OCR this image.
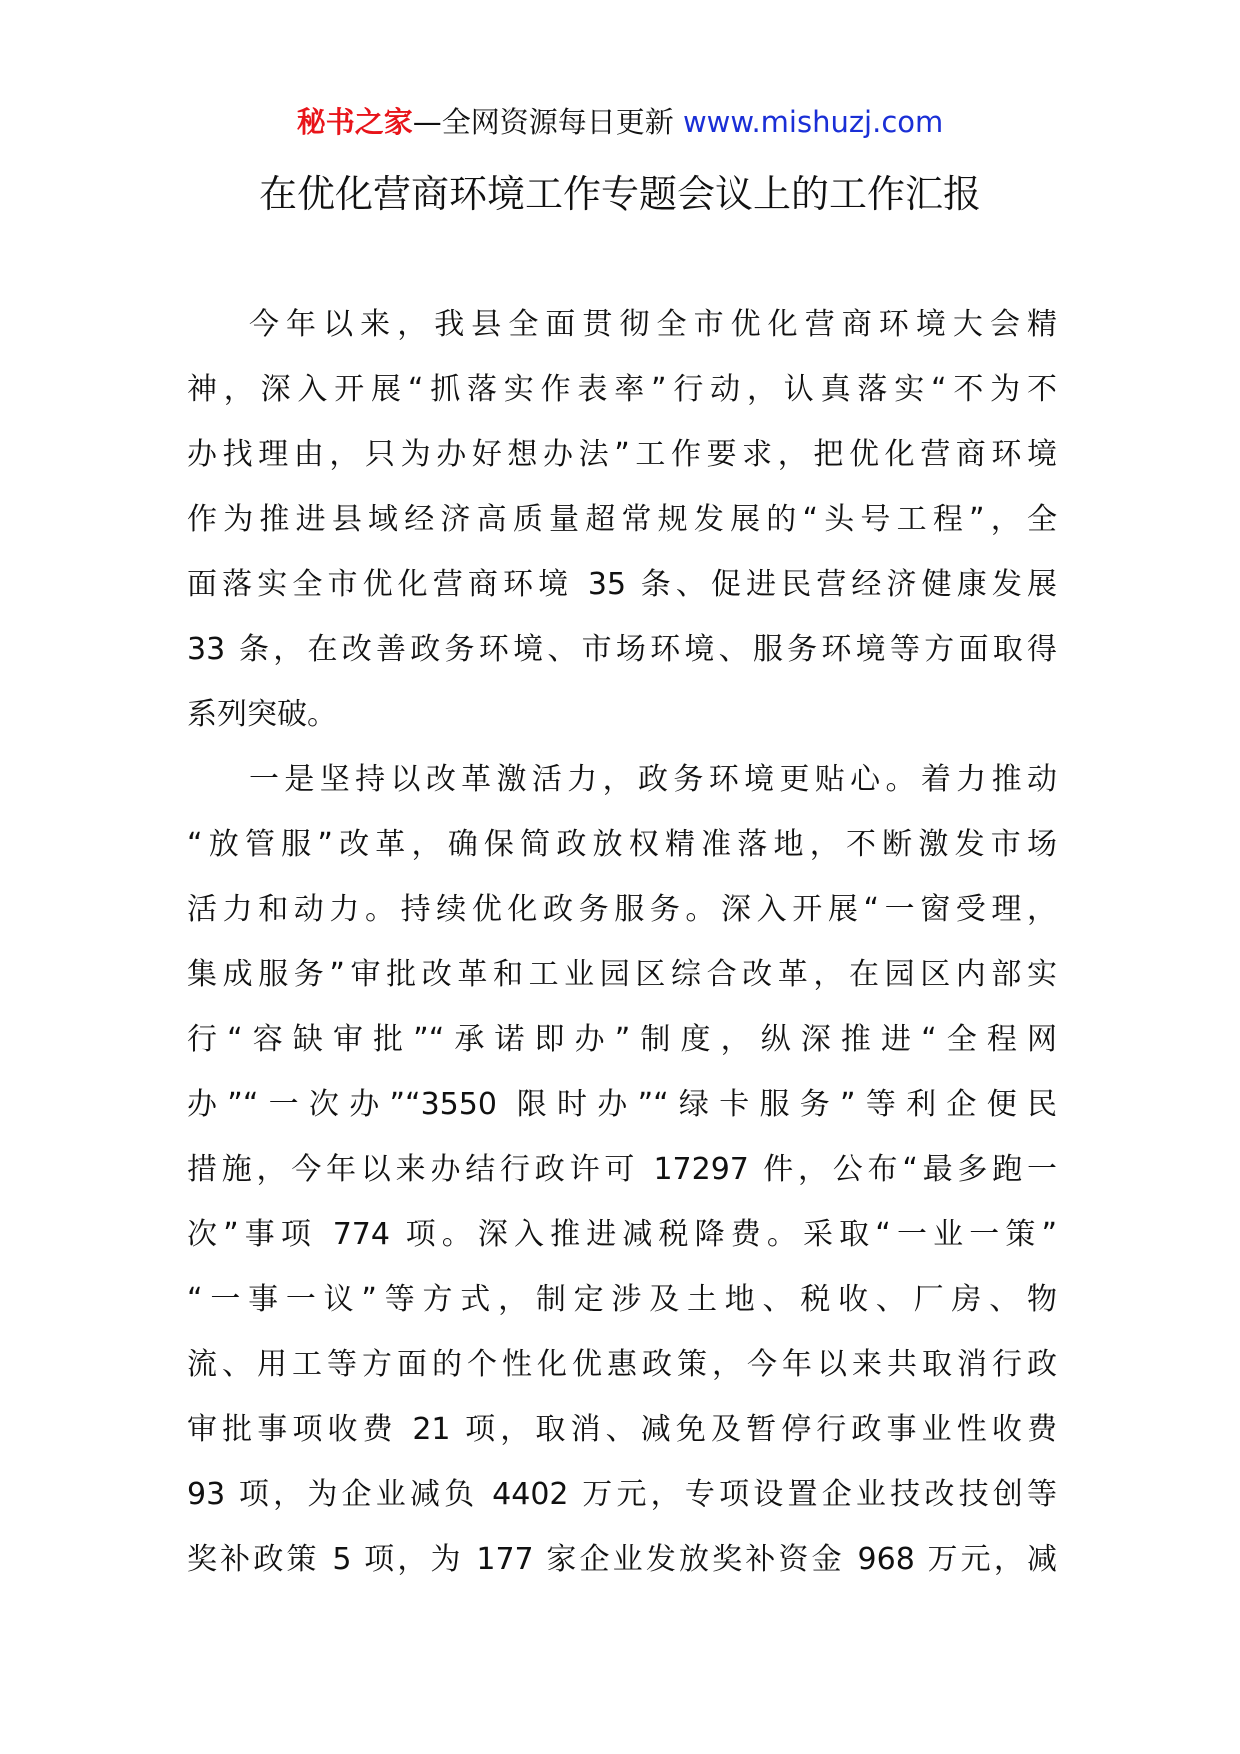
秘书之家—全网资源每日更新 www.mishuzj.com
在优化营商环境工作专题会议上的工作汇报
今年以来，我县全面贯彻全市优化营商环境大会精
神，深入开展“抓落实作表率”行动，认真落实“不为不
办找理由，只为办好想办法”工作要求，把优化营商环境
作为推进县域经济高质量超常规发展的“头号工程”，全
面落实全市优化营商环境 35 条、促进民营经济健康发展
33 条，在改善政务环境、市场环境、服务环境等方面取得
系列突破。
一是坚持以改革激活力，政务环境更贴心。着力推动
“放管服”改革，确保简政放权精准落地，不断激发市场
活力和动力。持续优化政务服务。深入开展“一窗受理，
集成服务”审批改革和工业园区综合改革，在园区内部实
行“容缺审批”“承诺即办”制度，纵深推进“全程网
办”“一次办”“3550 限时办”“绿卡服务”等利企便民
措施，今年以来办结行政许可 17297 件，公布“最多跑一
次”事项 774 项。深入推进减税降费。采取“一业一策”
“一事一议”等方式，制定涉及土地、税收、厂房、物
流、用工等方面的个性化优惠政策，今年以来共取消行政
审批事项收费 21 项，取消、减免及暂停行政事业性收费
93 项，为企业减负 4402 万元，专项设置企业技改技创等
奖补政策 5 项，为 177 家企业发放奖补资金 968 万元，减
